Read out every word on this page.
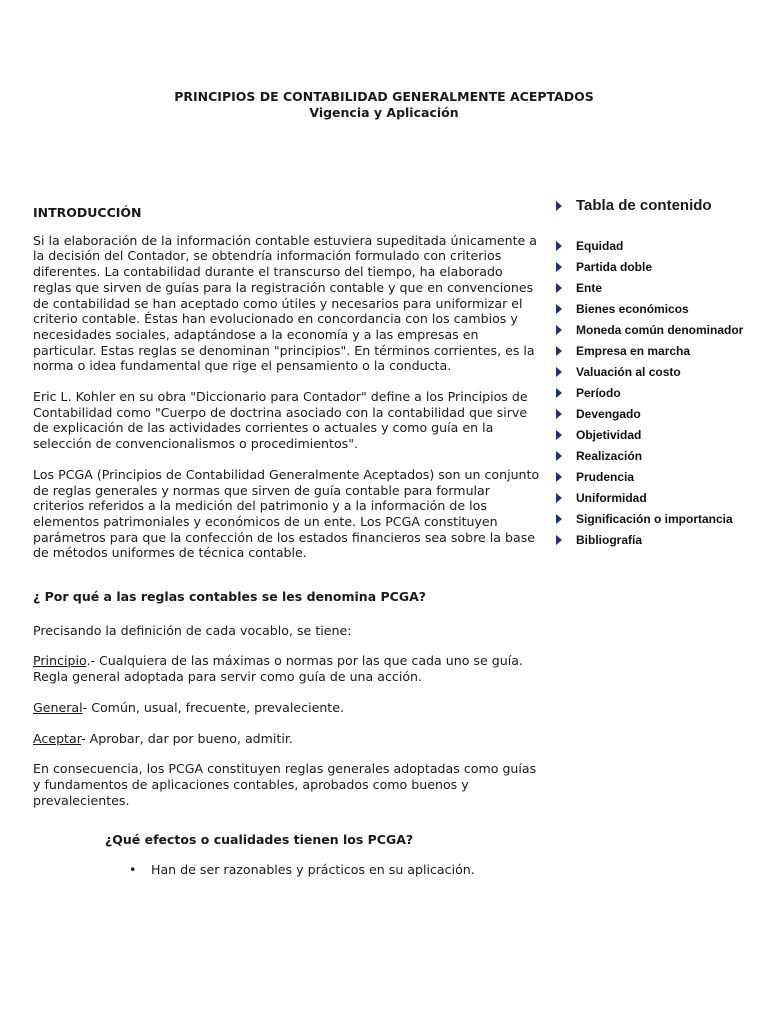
PRINCIPIOS DE CONTABILIDAD GENERALMENTE ACEPTADOS
Vigencia y Aplicación
INTRODUCCIÓN

Si la elaboración de la información contable estuviera supeditada únicamente a la decisión del Contador, se obtendría información formulado con criterios diferentes. La contabilidad durante el transcurso del tiempo, ha elaborado reglas que sirven de guías para la registración contable y que en convenciones de contabilidad se han aceptado como útiles y necesarios para uniformizar el criterio contable. Éstas han evolucionado en concordancia con los cambios y necesidades sociales, adaptándose a la economía y a las empresas en particular. Estas reglas se denominan "principios". En términos corrientes, es la norma o idea fundamental que rige el pensamiento o la conducta.

Eric L. Kohler en su obra "Diccionario para Contador" define a los Principios de Contabilidad como "Cuerpo de doctrina asociado con la contabilidad que sirve de explicación de las actividades corrientes o actuales y como guía en la selección de convencionalismos o procedimientos".

Los PCGA (Principios de Contabilidad Generalmente Aceptados) son un conjunto de reglas generales y normas que sirven de guía contable para formular criterios referidos a la medición del patrimonio y a la información de los elementos patrimoniales y económicos de un ente. Los PCGA constituyen parámetros para que la confección de los estados financieros sea sobre la base de métodos uniformes de técnica contable.

¿ Por qué a las reglas contables se les denomina PCGA?

Precisando la definición de cada vocablo, se tiene:

Principio.- Cualquiera de las máximas o normas por las que cada uno se guía. Regla general adoptada para servir como guía de una acción.

General- Común, usual, frecuente, prevaleciente.

Aceptar- Aprobar, dar por bueno, admitir.

En consecuencia, los PCGA constituyen reglas generales adoptadas como guías y fundamentos de aplicaciones contables, aprobados como buenos y prevalecientes.

¿Qué efectos o cualidades tienen los PCGA?
• Han de ser razonables y prácticos en su aplicación.
Tabla de contenido
Equidad
Partida doble
Ente
Bienes económicos
Moneda común denominador
Empresa en marcha
Valuación al costo
Período
Devengado
Objetividad
Realización
Prudencia
Uniformidad
Significación o importancia
Bibliografía
